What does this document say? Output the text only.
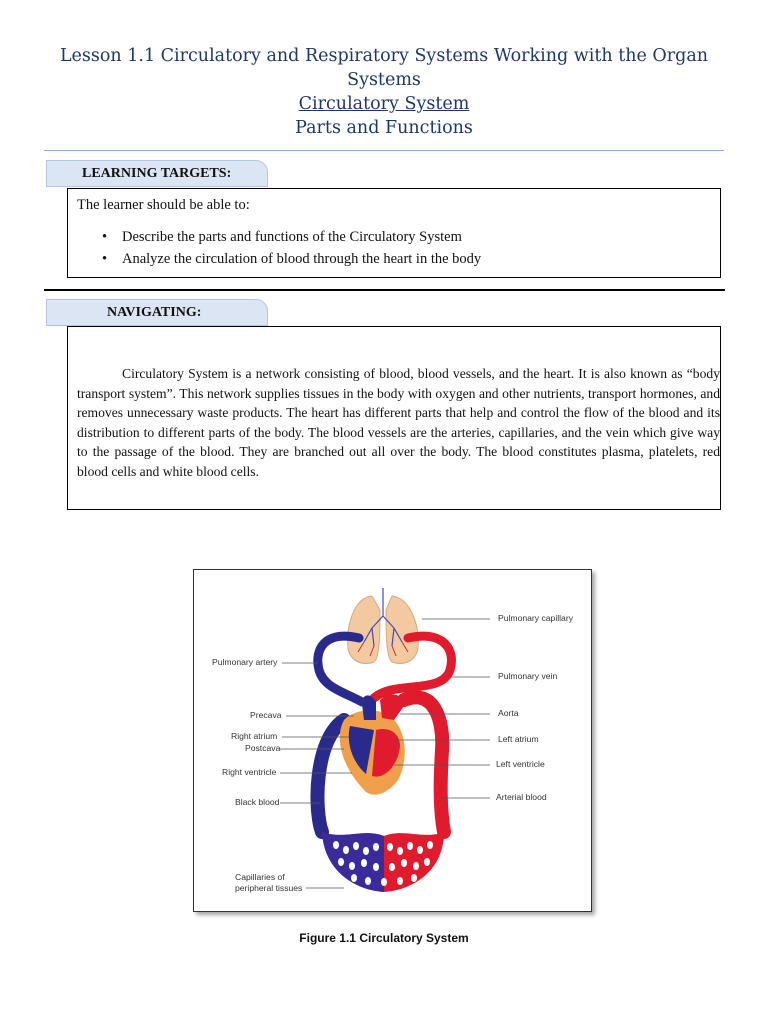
Lesson 1.1 Circulatory and Respiratory Systems Working with the Organ Systems
Circulatory System
Parts and Functions
LEARNING TARGETS:
The learner should be able to:
• Describe the parts and functions of the Circulatory System
• Analyze the circulation of blood through the heart in the body
NAVIGATING:
Circulatory System is a network consisting of blood, blood vessels, and the heart. It is also known as “body transport system”. This network supplies tissues in the body with oxygen and other nutrients, transport hormones, and removes unnecessary waste products. The heart has different parts that help and control the flow of the blood and its distribution to different parts of the body. The blood vessels are the arteries, capillaries, and the vein which give way to the passage of the blood. They are branched out all over the body. The blood constitutes plasma, platelets, red blood cells and white blood cells.
Pulmonary capillary
Pulmonary artery
Pulmonary vein
Precava	Aorta
Right atrium	Left atrium
Postcava
Left ventricle
Right ventricle
Arterial blood
Black blood
Capillaries of
peripheral tissues
Figure 1.1 Circulatory System
